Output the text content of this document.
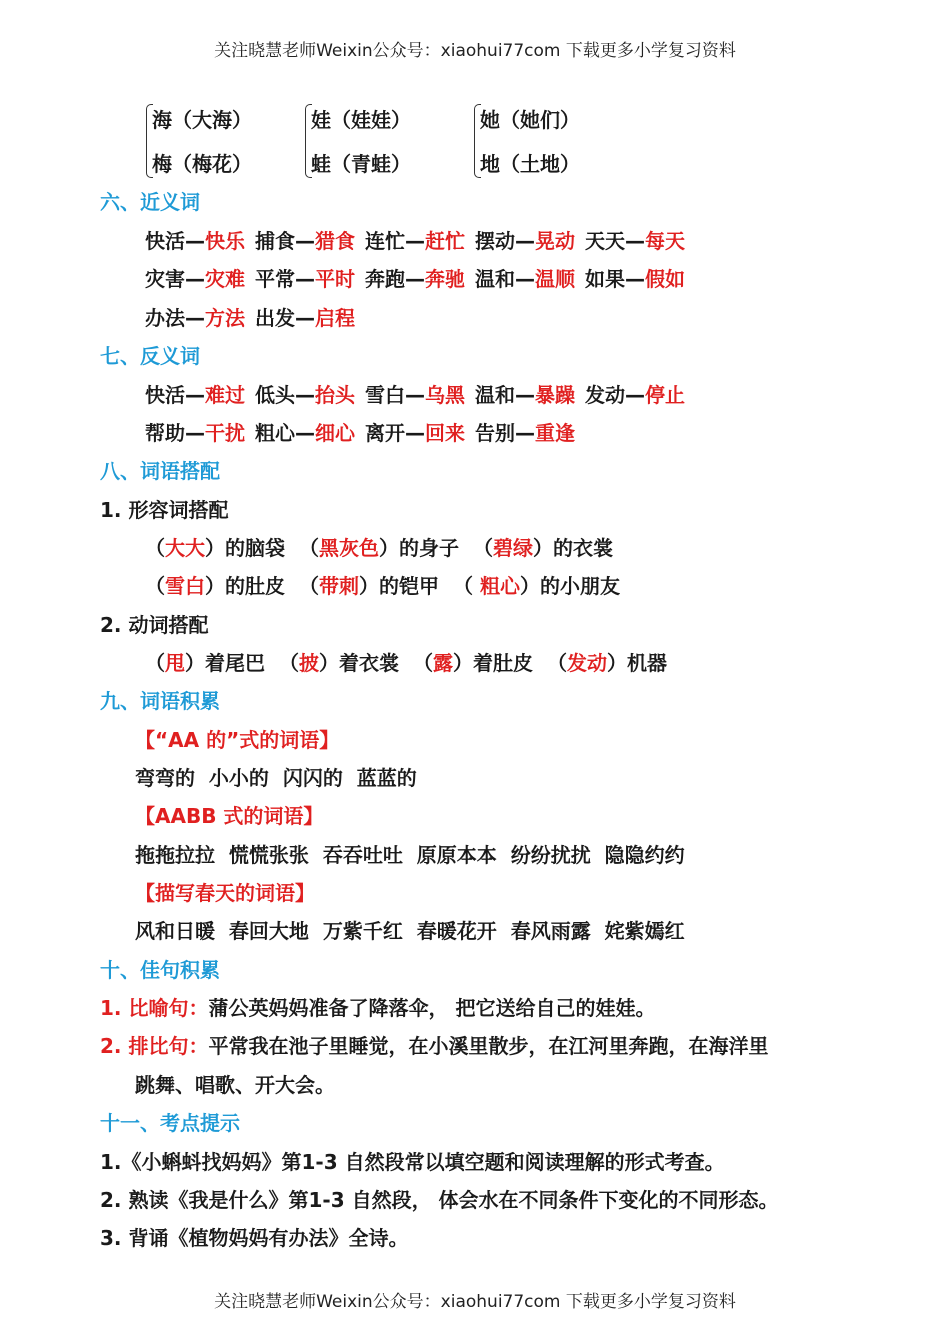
关注晓慧老师Weixin公众号：xiaohui77com 下载更多小学复习资料
海（大海）
梅（梅花）
娃（娃娃）
蛙（青蛙）
她（她们）
地（土地）
六、近义词
快活—快乐 捕食—猎食 连忙—赶忙 摆动—晃动 天天—每天
灾害—灾难 平常—平时 奔跑—奔驰 温和—温顺 如果—假如
办法—方法 出发—启程
七、反义词
快活—难过 低头—抬头 雪白—乌黑 温和—暴躁 发动—停止
帮助—干扰 粗心—细心 离开—回来 告别—重逢
八、词语搭配
1. 形容词搭配
（大大）的脑袋 （黑灰色）的身子 （碧绿）的衣裳
（雪白）的肚皮 （带刺）的铠甲 （ 粗心）的小朋友
2. 动词搭配
（甩）着尾巴 （披）着衣裳 （露）着肚皮 （发动）机器
九、词语积累
【“AA 的”式的词语】
弯弯的  小小的  闪闪的  蓝蓝的
【AABB 式的词语】
拖拖拉拉  慌慌张张  吞吞吐吐  原原本本  纷纷扰扰  隐隐约约
【描写春天的词语】
风和日暖  春回大地  万紫千红  春暖花开  春风雨露  姹紫嫣红
十、佳句积累
1. 比喻句：蒲公英妈妈准备了降落伞， 把它送给自己的娃娃。
2. 排比句：平常我在池子里睡觉，在小溪里散步，在江河里奔跑，在海洋里
跳舞、唱歌、开大会。
十一、考点提示
1.《小蝌蚪找妈妈》第1-3 自然段常以填空题和阅读理解的形式考查。
2. 熟读《我是什么》第1-3 自然段， 体会水在不同条件下变化的不同形态。
3. 背诵《植物妈妈有办法》全诗。
关注晓慧老师Weixin公众号：xiaohui77com 下载更多小学复习资料
